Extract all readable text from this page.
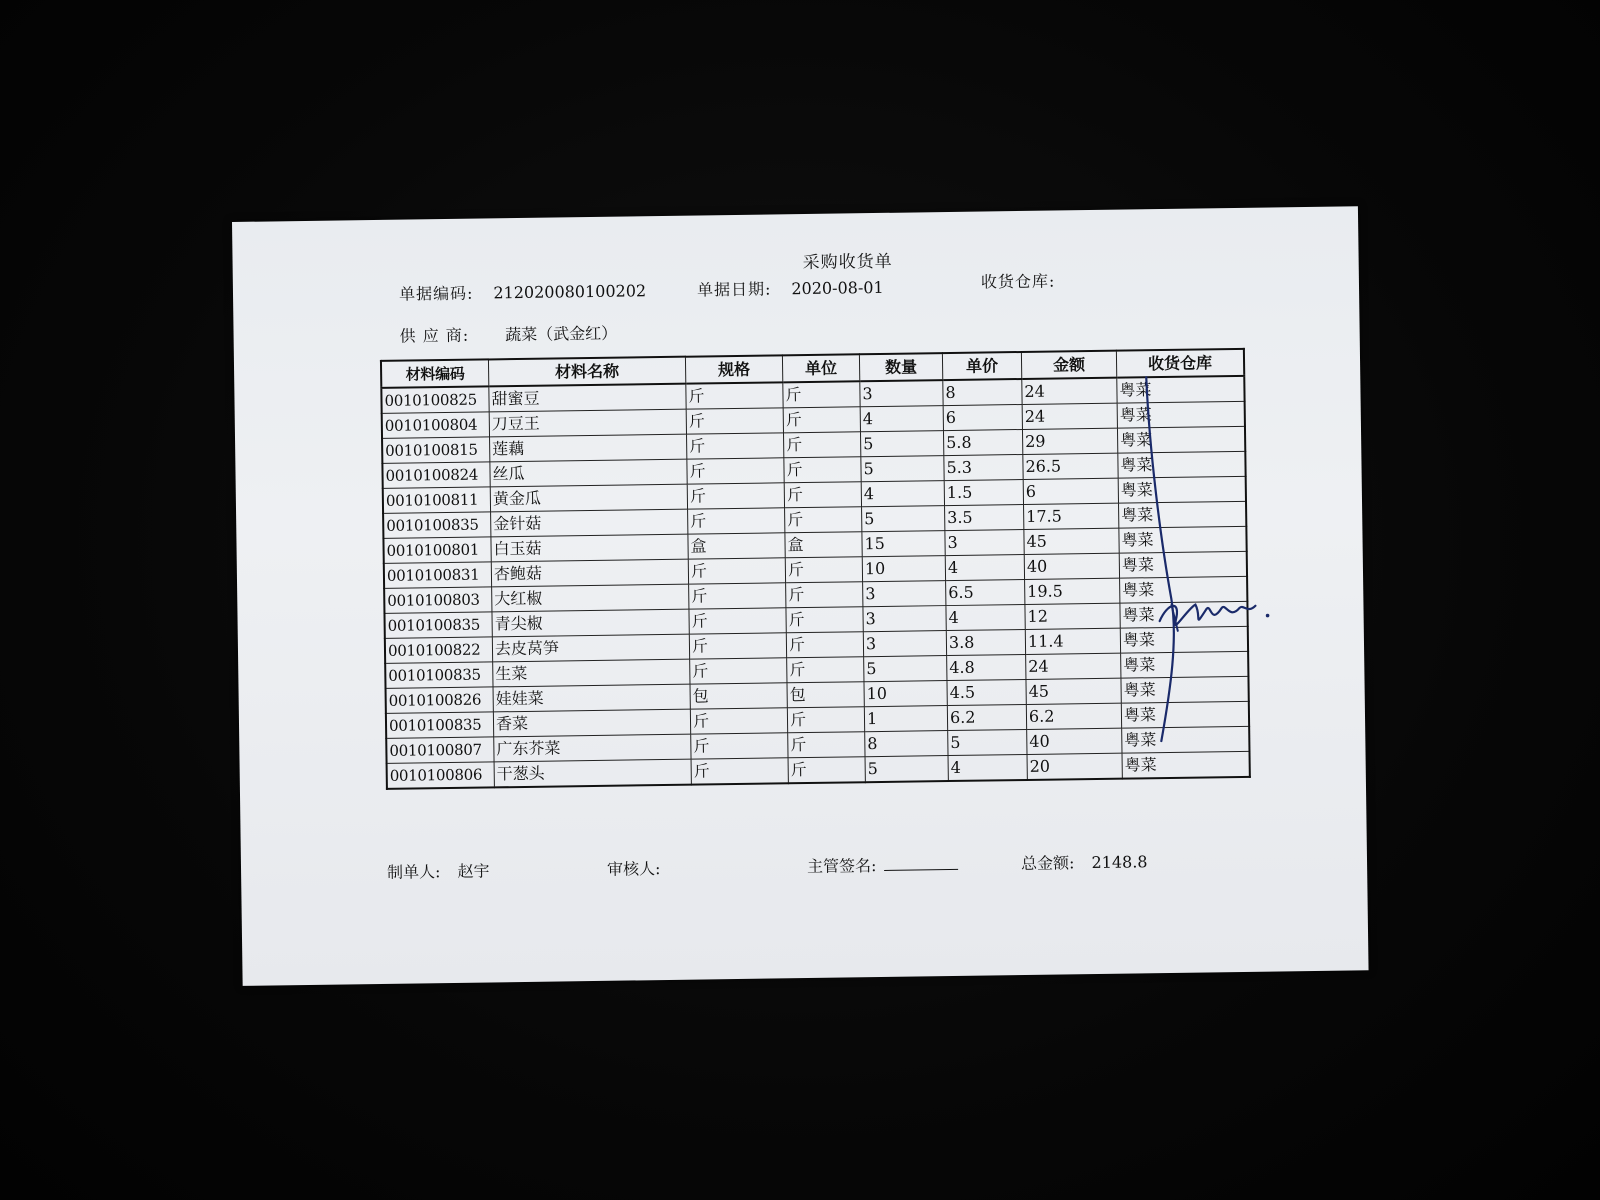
采购收货单
单据编码: 212020080100202	单据日期: 2020-08-01	收货仓库:
供 应 商: 蔬菜（武金红）
材料编码	材料名称	规格	单位	数量	单价	金额	收货仓库
0010100825	甜蜜豆	斤	斤	3	8	24	粤菜
0010100804	刀豆王	斤	斤	4	6	24	粤菜
0010100815	莲藕	斤	斤	5	5.8	29	粤菜
0010100824	丝瓜	斤	斤	5	5.3	26.5	粤菜
0010100811	黄金瓜	斤	斤	4	1.5	6	粤菜
0010100835	金针菇	斤	斤	5	3.5	17.5	粤菜
0010100801	白玉菇	盒	盒	15	3	45	粤菜
0010100831	杏鲍菇	斤	斤	10	4	40	粤菜
0010100803	大红椒	斤	斤	3	6.5	19.5	粤菜
0010100835	青尖椒	斤	斤	3	4	12	粤菜
0010100822	去皮莴笋	斤	斤	3	3.8	11.4	粤菜
0010100835	生菜	斤	斤	5	4.8	24	粤菜
0010100826	娃娃菜	包	包	10	4.5	45	粤菜
0010100835	香菜	斤	斤	1	6.2	6.2	粤菜
0010100807	广东芥菜	斤	斤	8	5	40	粤菜
0010100806	干葱头	斤	斤	5	4	20	粤菜
制单人: 赵宇	审核人:	主管签名:	总金额: 2148.8
